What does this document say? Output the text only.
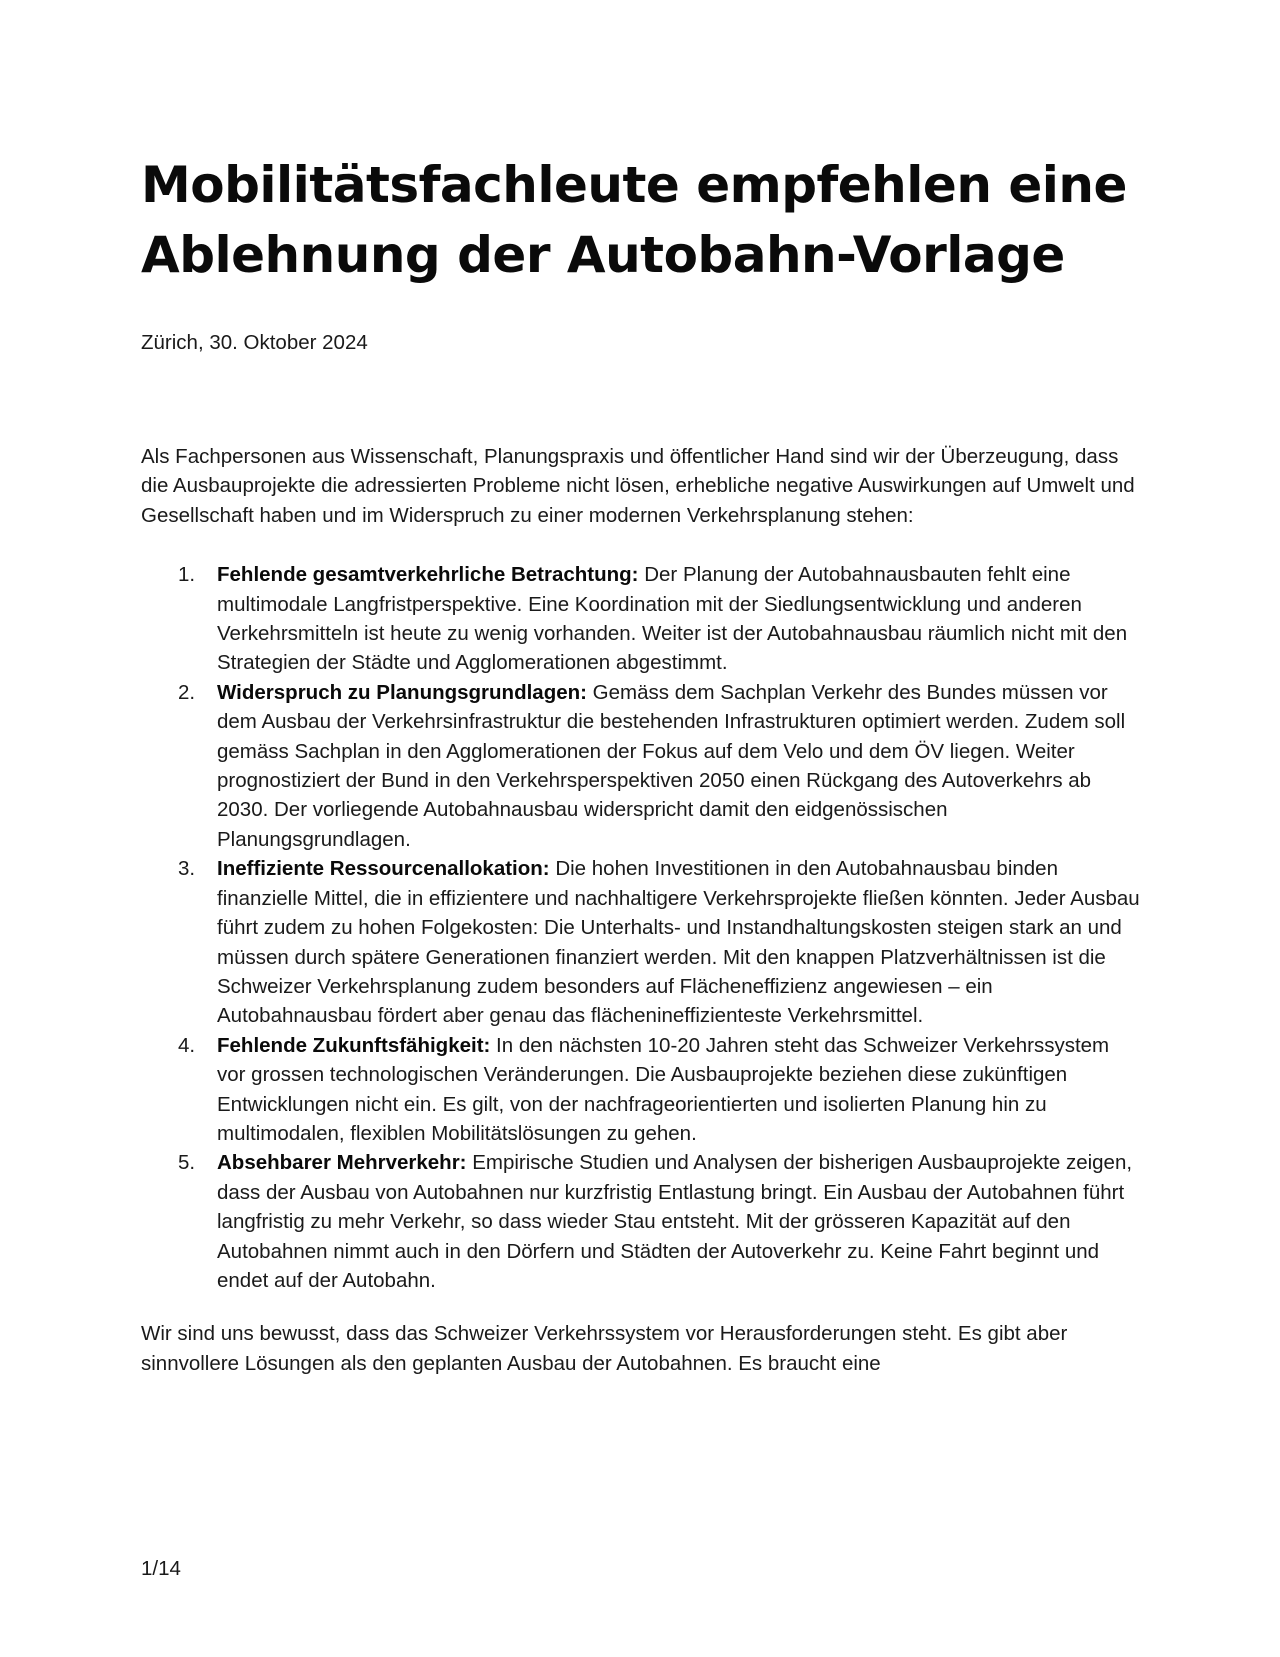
Mobilitätsfachleute empfehlen eine Ablehnung der Autobahn-Vorlage
Zürich, 30. Oktober 2024

Als Fachpersonen aus Wissenschaft, Planungspraxis und öffentlicher Hand sind wir der Überzeugung, dass die Ausbauprojekte die adressierten Probleme nicht lösen, erhebliche negative Auswirkungen auf Umwelt und Gesellschaft haben und im Widerspruch zu einer modernen Verkehrsplanung stehen:

1. Fehlende gesamtverkehrliche Betrachtung: Der Planung der Autobahnausbauten fehlt eine multimodale Langfristperspektive. Eine Koordination mit der Siedlungsentwicklung und anderen Verkehrsmitteln ist heute zu wenig vorhanden. Weiter ist der Autobahnausbau räumlich nicht mit den Strategien der Städte und Agglomerationen abgestimmt.
2. Widerspruch zu Planungsgrundlagen: Gemäss dem Sachplan Verkehr des Bundes müssen vor dem Ausbau der Verkehrsinfrastruktur die bestehenden Infrastrukturen optimiert werden. Zudem soll gemäss Sachplan in den Agglomerationen der Fokus auf dem Velo und dem ÖV liegen. Weiter prognostiziert der Bund in den Verkehrsperspektiven 2050 einen Rückgang des Autoverkehrs ab 2030. Der vorliegende Autobahnausbau widerspricht damit den eidgenössischen Planungsgrundlagen.
3. Ineffiziente Ressourcenallokation: Die hohen Investitionen in den Autobahnausbau binden finanzielle Mittel, die in effizientere und nachhaltigere Verkehrsprojekte fließen könnten. Jeder Ausbau führt zudem zu hohen Folgekosten: Die Unterhalts- und Instandhaltungskosten steigen stark an und müssen durch spätere Generationen finanziert werden. Mit den knappen Platzverhältnissen ist die Schweizer Verkehrsplanung zudem besonders auf Flächeneffizienz angewiesen – ein Autobahnausbau fördert aber genau das flächenineffizienteste Verkehrsmittel.
4. Fehlende Zukunftsfähigkeit: In den nächsten 10-20 Jahren steht das Schweizer Verkehrssystem vor grossen technologischen Veränderungen. Die Ausbauprojekte beziehen diese zukünftigen Entwicklungen nicht ein. Es gilt, von der nachfrageorientierten und isolierten Planung hin zu multimodalen, flexiblen Mobilitätslösungen zu gehen.
5. Absehbarer Mehrverkehr: Empirische Studien und Analysen der bisherigen Ausbauprojekte zeigen, dass der Ausbau von Autobahnen nur kurzfristig Entlastung bringt. Ein Ausbau der Autobahnen führt langfristig zu mehr Verkehr, so dass wieder Stau entsteht. Mit der grösseren Kapazität auf den Autobahnen nimmt auch in den Dörfern und Städten der Autoverkehr zu. Keine Fahrt beginnt und endet auf der Autobahn.

Wir sind uns bewusst, dass das Schweizer Verkehrssystem vor Herausforderungen steht. Es gibt aber sinnvollere Lösungen als den geplanten Ausbau der Autobahnen. Es braucht eine

1/14
